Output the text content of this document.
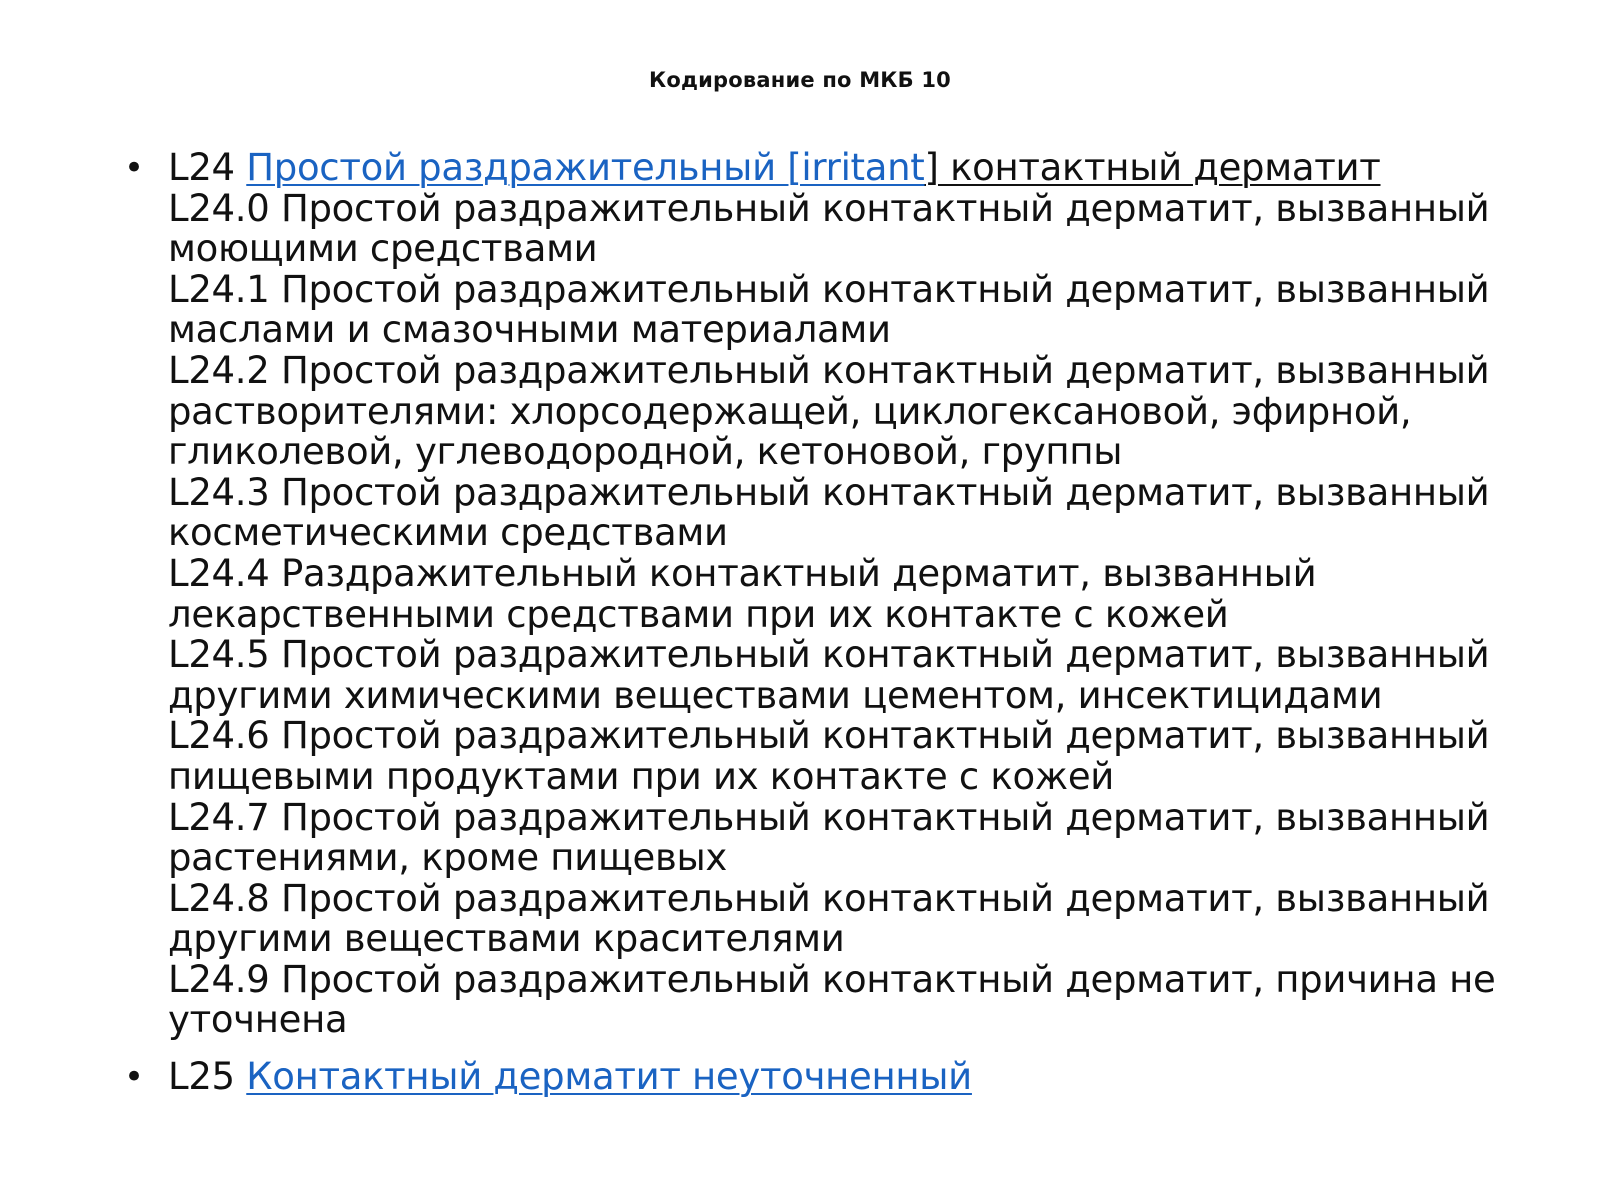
Кодирование по МКБ 10
• L24 Простой раздражительный [irritant] контактный дерматит
L24.0 Простой раздражительный контактный дерматит, вызванный моющими средствами
L24.1 Простой раздражительный контактный дерматит, вызванный маслами и смазочными материалами
L24.2 Простой раздражительный контактный дерматит, вызванный растворителями: хлорсодержащей, циклогексановой, эфирной, гликолевой, углеводородной, кетоновой, группы
L24.3 Простой раздражительный контактный дерматит, вызванный косметическими средствами
L24.4 Раздражительный контактный дерматит, вызванный лекарственными средствами при их контакте с кожей
L24.5 Простой раздражительный контактный дерматит, вызванный другими химическими веществами цементом, инсектицидами
L24.6 Простой раздражительный контактный дерматит, вызванный пищевыми продуктами при их контакте с кожей
L24.7 Простой раздражительный контактный дерматит, вызванный растениями, кроме пищевых
L24.8 Простой раздражительный контактный дерматит, вызванный другими веществами красителями
L24.9 Простой раздражительный контактный дерматит, причина не уточнена
• L25 Контактный дерматит неуточненный
